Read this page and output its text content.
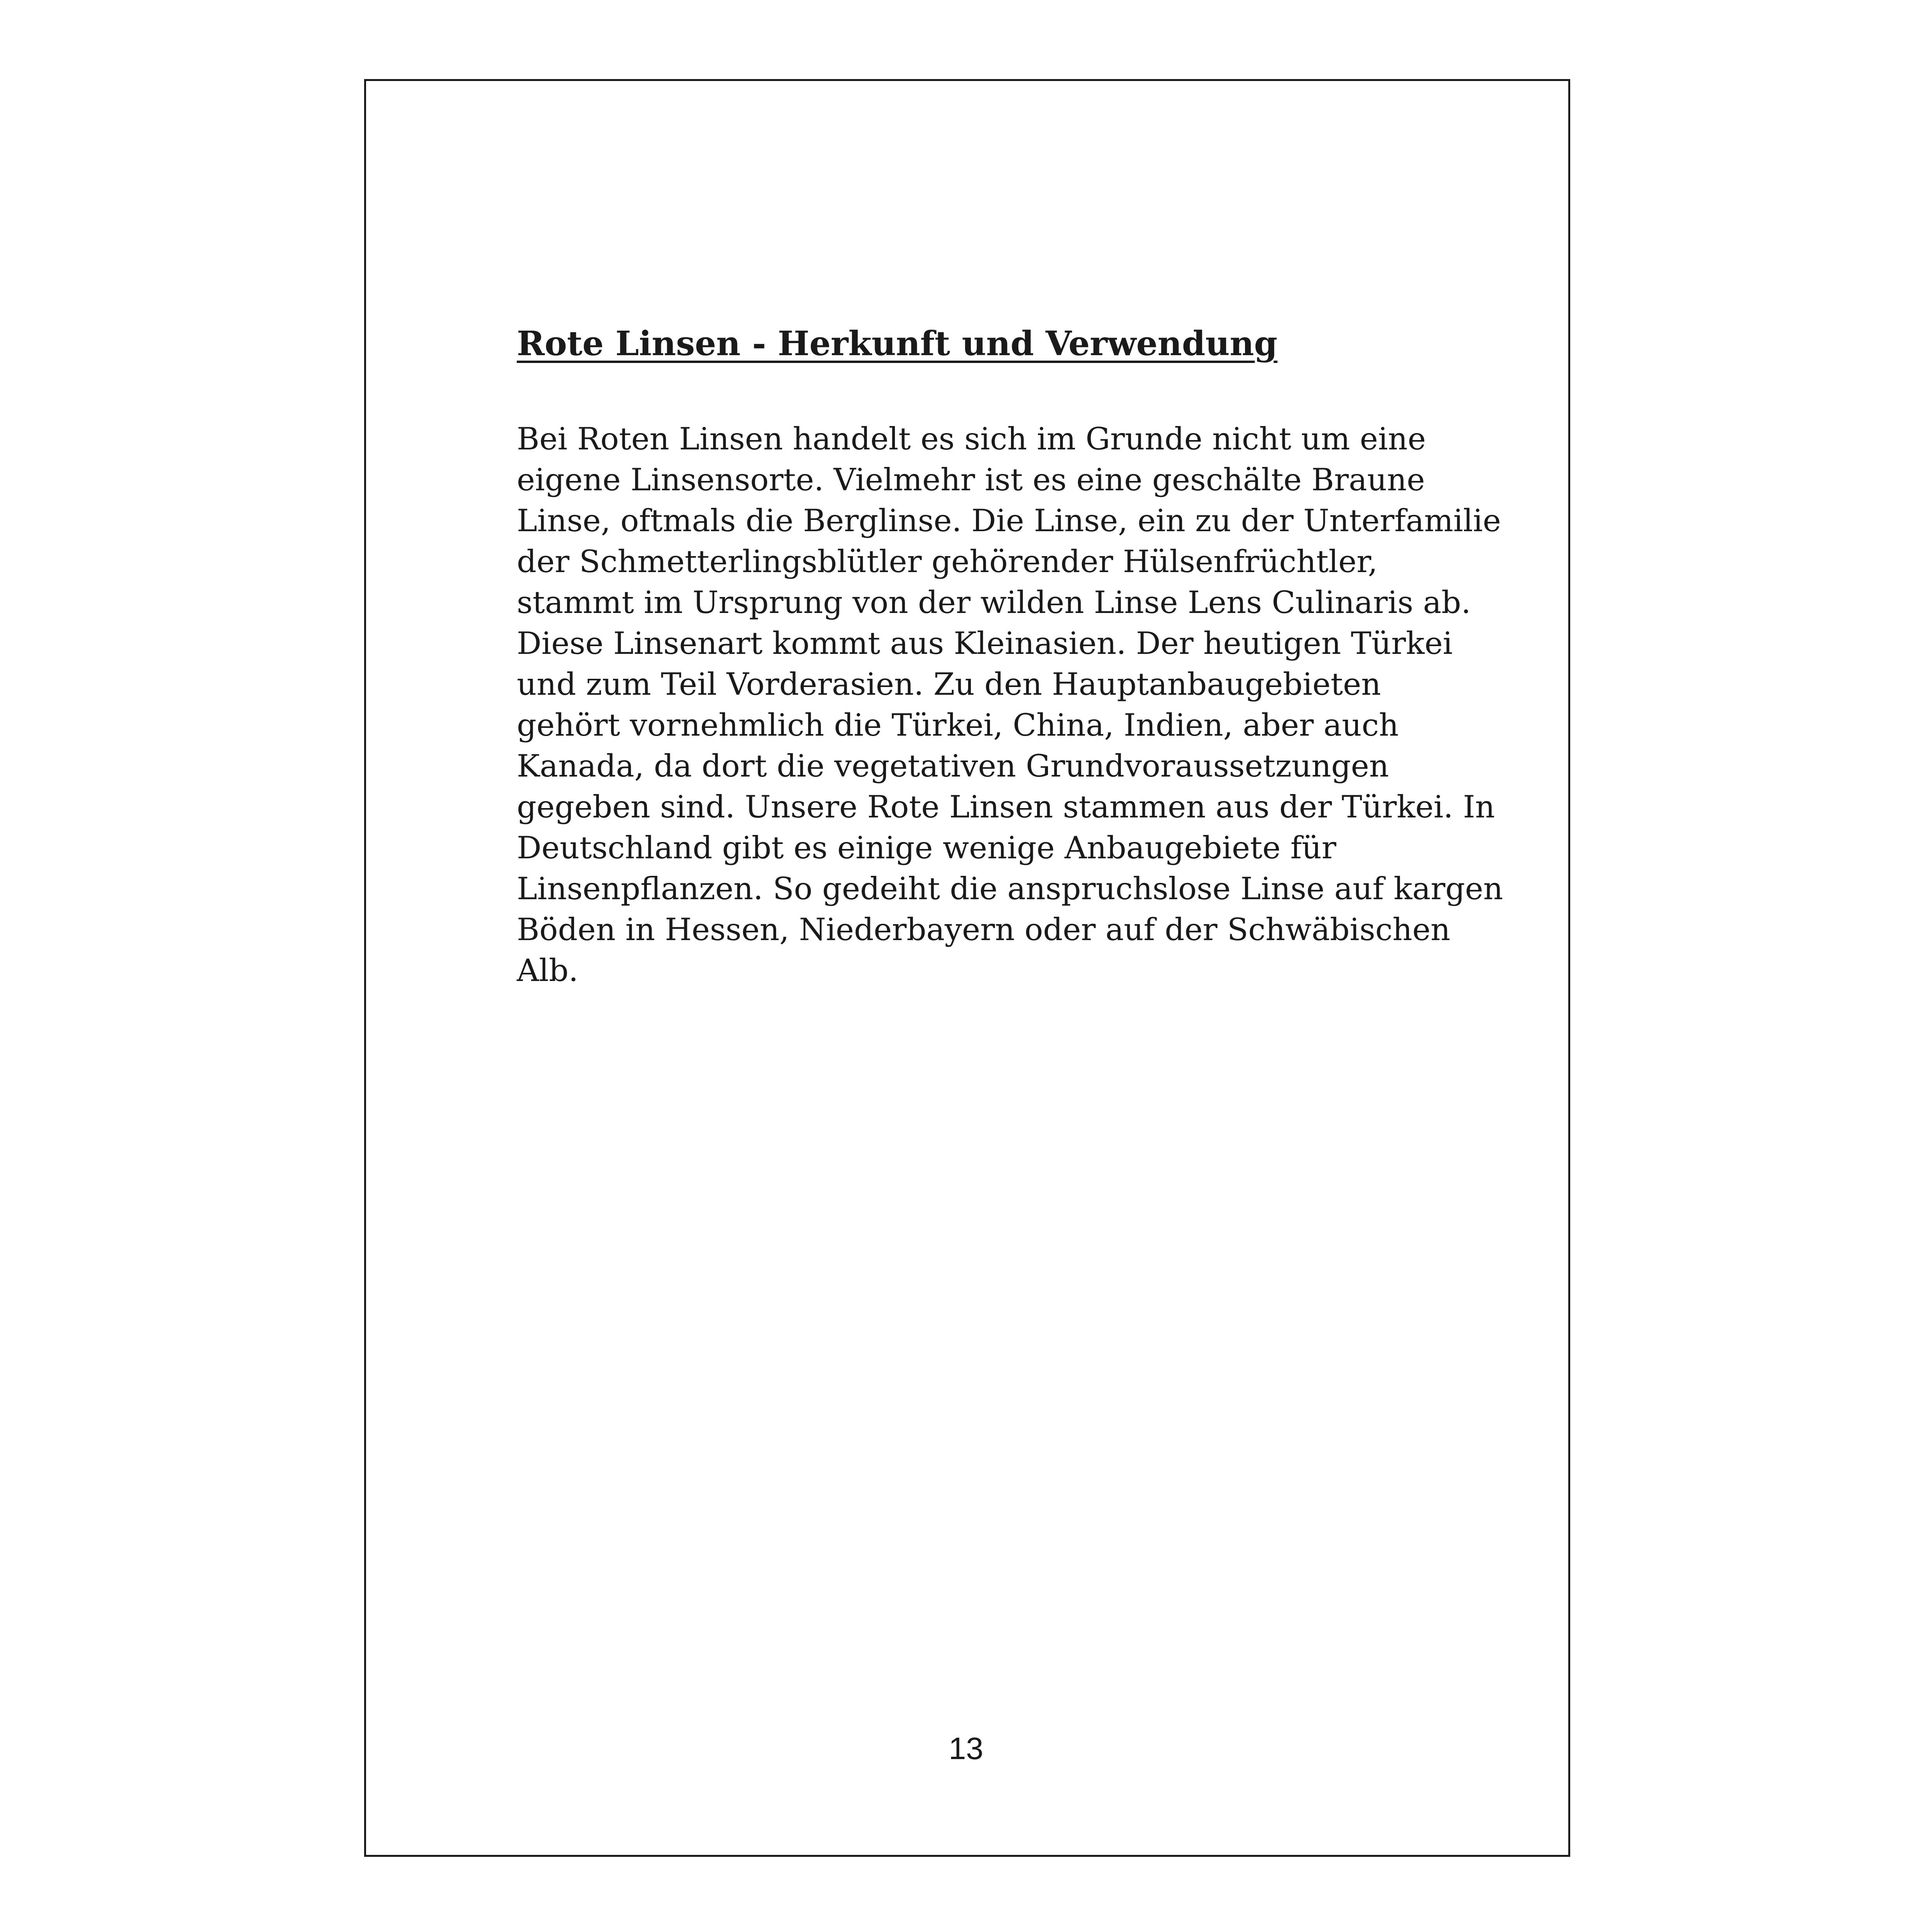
Rote Linsen - Herkunft und Verwendung
Bei Roten Linsen handelt es sich im Grunde nicht um eine
eigene Linsensorte. Vielmehr ist es eine geschälte Braune
Linse, oftmals die Berglinse. Die Linse, ein zu der Unterfamilie
der Schmetterlingsblütler gehörender Hülsenfrüchtler,
stammt im Ursprung von der wilden Linse Lens Culinaris ab.
Diese Linsenart kommt aus Kleinasien. Der heutigen Türkei
und zum Teil Vorderasien. Zu den Hauptanbaugebieten
gehört vornehmlich die Türkei, China, Indien, aber auch
Kanada, da dort die vegetativen Grundvoraussetzungen
gegeben sind. Unsere Rote Linsen stammen aus der Türkei. In
Deutschland gibt es einige wenige Anbaugebiete für
Linsenpflanzen. So gedeiht die anspruchslose Linse auf kargen
Böden in Hessen, Niederbayern oder auf der Schwäbischen
Alb.
13
